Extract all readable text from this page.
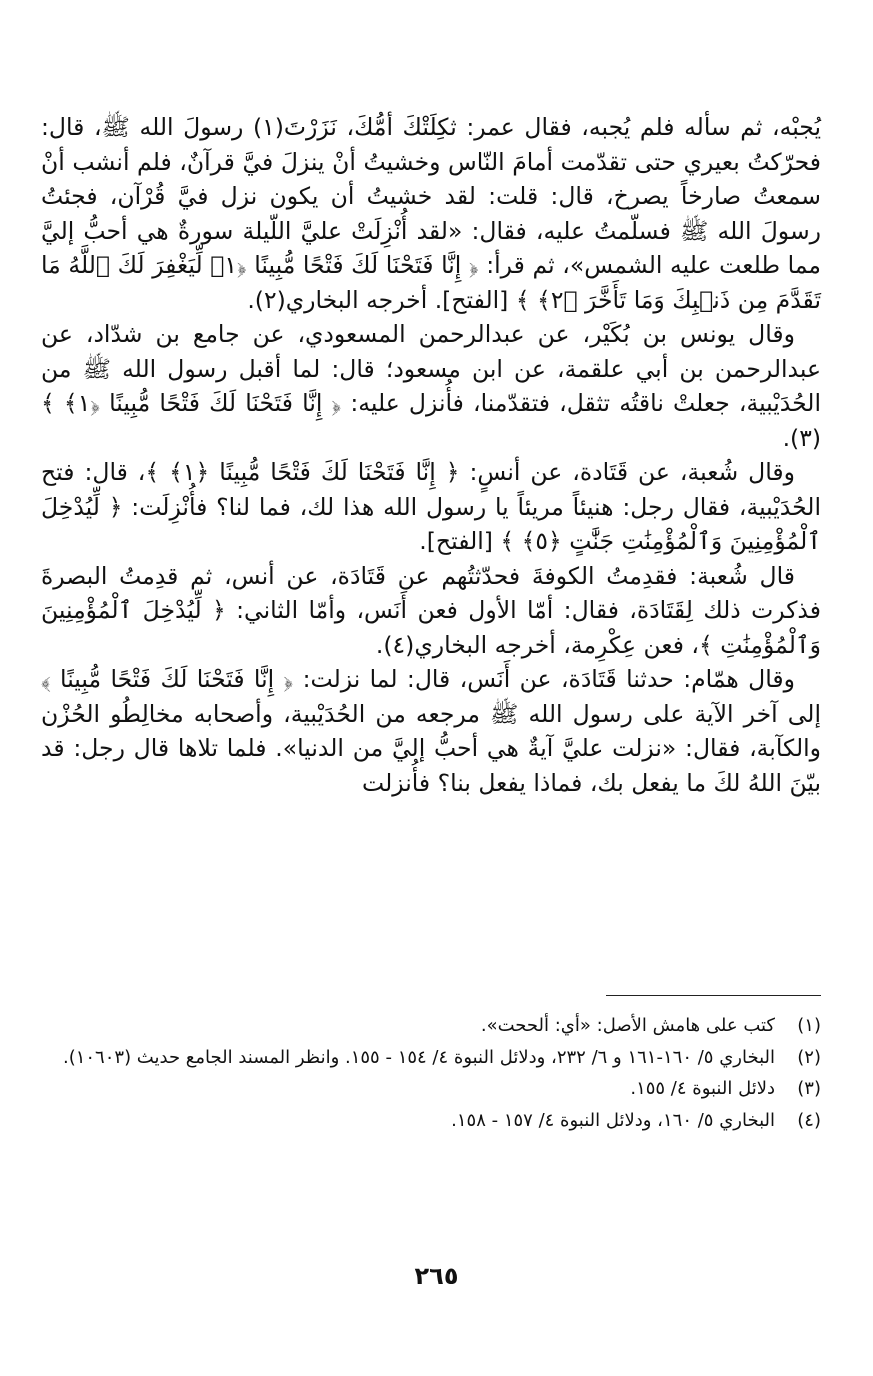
يُجبْه، ثم سأله فلم يُجبه، فقال عمر: ثكِلَتْكَ أمُّكَ، نَزَرْتَ(١) رسولَ الله ﷺ، قال: فحرّكتُ بعيري حتى تقدّمت أمامَ النّاس وخشيتُ أنْ ينزلَ فيَّ قرآنٌ، فلم أنشب أنْ سمعتُ صارخاً يصرخ، قال: قلت: لقد خشيتُ أن يكون نزل فيَّ قُرْآن، فجئتُ رسولَ الله ﷺ فسلّمتُ عليه، فقال: «لقد أُنْزِلَتْ عليَّ اللّيلة سورةٌ هي أحبُّ إليَّ مما طلعت عليه الشمس»، ثم قرأ: ﴿ إِنَّا فَتَحْنَا لَكَ فَتْحًا مُّبِينًا ﴿١﴾ لِّيَغْفِرَ لَكَ ٱللَّهُ مَا تَقَدَّمَ مِن ذَنۢبِكَ وَمَا تَأَخَّرَ ﴿٢﴾ ﴾ [الفتح]. أخرجه البخاري(٢).

وقال يونس بن بُكَيْر، عن عبدالرحمن المسعودي، عن جامع بن شدّاد، عن عبدالرحمن بن أبي علقمة، عن ابن مسعود؛ قال: لما أقبل رسول الله ﷺ من الحُدَيْبية، جعلتْ ناقتُه تثقل، فتقدّمنا، فأُنزل عليه: ﴿ إِنَّا فَتَحْنَا لَكَ فَتْحًا مُّبِينًا ﴿١﴾ ﴾(٣).

وقال شُعبة، عن قَتَادة، عن أنسٍ: ﴿ إِنَّا فَتَحْنَا لَكَ فَتْحًا مُّبِينًا ﴿١﴾ ﴾، قال: فتح الحُدَيْبية، فقال رجل: هنيئاً مريئاً يا رسول الله هذا لك، فما لنا؟ فأُنْزِلَت: ﴿ لِّيُدْخِلَ ٱلْمُؤْمِنِينَ وَٱلْمُؤْمِنَٰتِ جَنَّٰتٍ ﴿٥﴾ ﴾ [الفتح].

قال شُعبة: فقدِمتُ الكوفةَ فحدّثتُهم عن قَتَادَة، عن أنس، ثم قدِمتُ البصرةَ فذكرت ذلك لِقَتَادَة، فقال: أمّا الأول فعن أَنَس، وأمّا الثاني: ﴿ لِّيُدْخِلَ ٱلْمُؤْمِنِينَ وَٱلْمُؤْمِنَٰتِ ﴾، فعن عِكْرِمة، أخرجه البخاري(٤).

وقال همّام: حدثنا قَتَادَة، عن أَنَس، قال: لما نزلت: ﴿ إِنَّا فَتَحْنَا لَكَ فَتْحًا مُّبِينًا ﴾ إلى آخر الآية على رسول الله ﷺ مرجعه من الحُدَيْبية، وأصحابه مخالِطُو الحُزْن والكآبة، فقال: «نزلت عليَّ آيةٌ هي أحبُّ إليَّ من الدنيا». فلما تلاها قال رجل: قد بيّنَ اللهُ لكَ ما يفعل بك، فماذا يفعل بنا؟ فأُنزلت

(١)
كتب على هامش الأصل: «أي: ألححت».
(٢)
البخاري ٥/ ١٦٠-١٦١ و ٦/ ٢٣٢، ودلائل النبوة ٤/ ١٥٤ - ١٥٥. وانظر المسند الجامع حديث (١٠٦٠٣).
(٣)
دلائل النبوة ٤/ ١٥٥.
(٤)
البخاري ٥/ ١٦٠، ودلائل النبوة ٤/ ١٥٧ - ١٥٨.
٢٦٥
